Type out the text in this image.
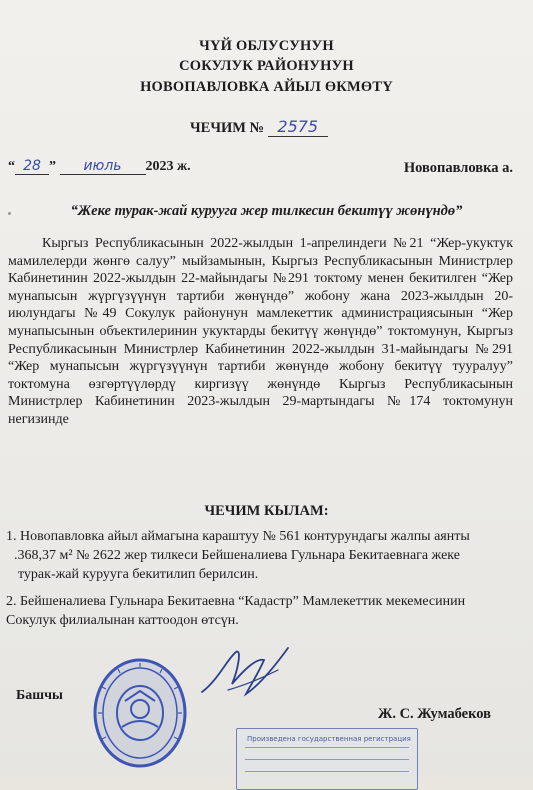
ЧҮЙ ОБЛУСУНУН
СОКУЛУК РАЙОНУНУН
НОВОПАВЛОВКА АЙЫЛ ӨКМӨТҮ
ЧЕЧИМ № 2575
“ 28 ” июль 2023 ж.	Новопавловка а.
“Жеке турак-жай курууга жер тилкесин бекитүү жөнүндө”
Кыргыз Республикасынын 2022-жылдын 1-апрелиндеги №21 “Жер-укуктук мамилелерди жөнгө салуу” мыйзамынын, Кыргыз Республикасынын Министрлер Кабинетинин 2022-жылдын 22-майындагы №291 токтому менен бекитилген “Жер мунапысын жүргүзүүнүн тартиби жөнүндө” жобону жана 2023-жылдын 20-июлундагы №49 Сокулук районунун мамлекеттик администрациясынын “Жер мунапысынын объектилеринин укуктарды бекитүү жөнүндө” токтомунун, Кыргыз Республикасынын Министрлер Кабинетинин 2022-жылдын 31-майындагы №291 “Жер мунапысын жүргүзүүнүн тартиби жөнүндө жобону бекитүү тууралуу” токтомуна өзгөртүүлөрдү киргизүү жөнүндө Кыргыз Республикасынын Министрлер Кабинетинин 2023-жылдын 29-мартындагы №174 токтомунун негизинде
ЧЕЧИМ КЫЛАМ:
1. Новопавловка айыл аймагына караштуу № 561 контурундагы жалпы аянты
.368,37 м² № 2622 жер тилкеси Бейшеналиева Гульнара Бекитаевнага жеке
турак-жай курууга бекитилип берилсин.
2. Бейшеналиева Гульнара Бекитаевна “Кадастр” Мамлекеттик мекемесинин
Сокулук филиалынан каттоодон өтсүн.
Башчы
Ж. С. Жумабеков
Произведена государственная регистрация
